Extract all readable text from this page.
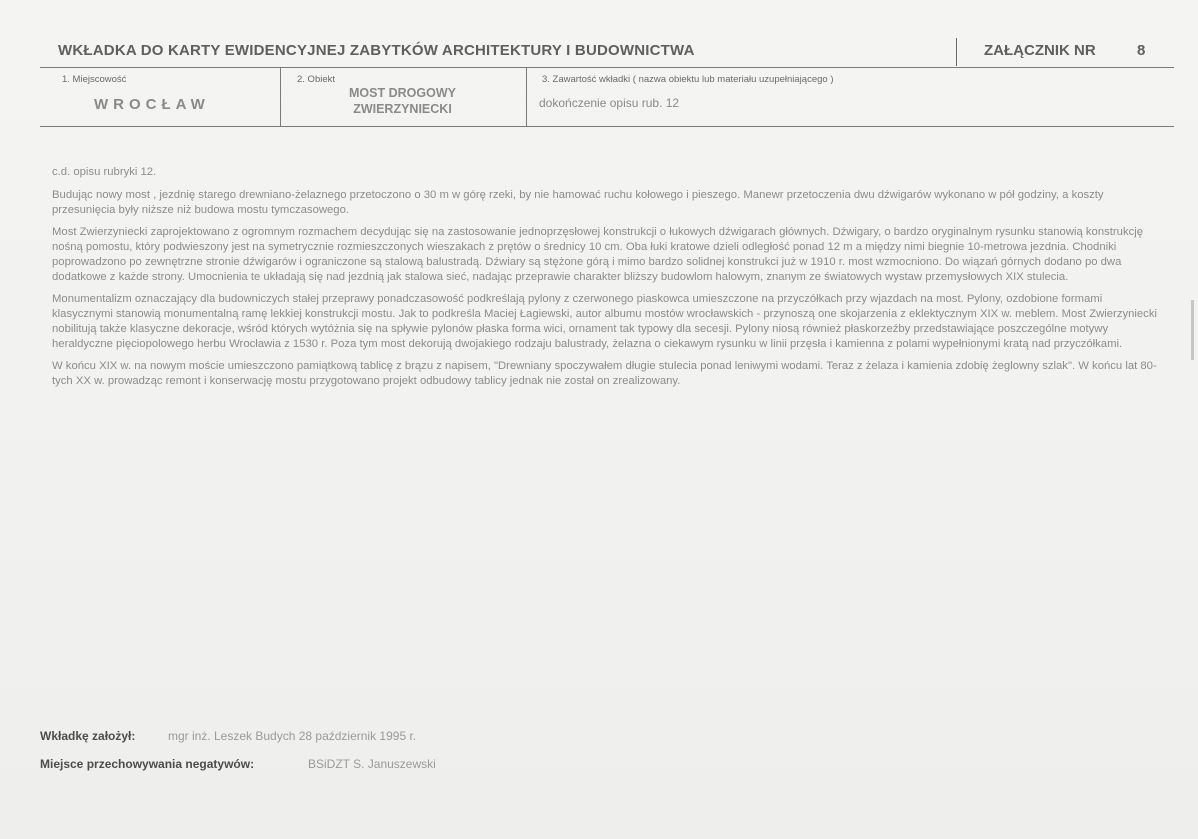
WKŁADKA DO KARTY EWIDENCYJNEJ ZABYTKÓW ARCHITEKTURY I BUDOWNICTWA	ZAŁĄCZNIK NR	8
1. Miejscowość
WROCŁAW
2. Obiekt
MOST DROGOWY
ZWIERZYNIECKI
3. Zawartość wkładki ( nazwa obiektu lub materiału uzupełniającego )
dokończenie opisu rub. 12

c.d. opisu rubryki 12.

Budując nowy most , jezdnię starego drewniano-żelaznego przetoczono o 30 m w górę rzeki, by nie hamować ruchu kołowego i pieszego. Manewr przetoczenia dwu dźwigarów wykonano w pół godziny, a koszty przesunięcia były niższe niż budowa mostu tymczasowego.

Most Zwierzyniecki zaprojektowano z ogromnym rozmachem decydując się na zastosowanie jednoprzęsłowej konstrukcji o łukowych dźwigarach głównych. Dźwigary, o bardzo oryginalnym rysunku stanowią konstrukcję nośną pomostu, który podwieszony jest na symetrycznie rozmieszczonych wieszakach z prętów o średnicy 10 cm. Oba łuki kratowe dzieli odległość ponad 12 m a między nimi biegnie 10-metrowa jezdnia. Chodniki poprowadzono po zewnętrzne stronie dźwigarów i ograniczone są stalową balustradą. Dźwiary są stężone górą i mimo bardzo solidnej konstrukci już w 1910 r. most wzmocniono. Do wiązań górnych dodano po dwa dodatkowe z każde strony. Umocnienia te układają się nad jezdnią jak stalowa sieć, nadając przeprawie charakter bliższy budowlom halowym, znanym ze światowych wystaw przemysłowych XIX stulecia.

Monumentalizm oznaczający dla budowniczych stałej przeprawy ponadczasowość podkreślają pylony z czerwonego piaskowca umieszczone na przyczółkach przy wjazdach na most. Pylony, ozdobione formami klasycznymi stanowią monumentalną ramę lekkiej konstrukcji mostu. Jak to podkreśla Maciej Łagiewski, autor albumu mostów wrocławskich - przynoszą one skojarzenia z eklektycznym XIX w. meblem. Most Zwierzyniecki nobilitują także klasyczne dekoracje, wśród których wytóżnia się na spływie pylonów płaska forma wici, ornament tak typowy dla secesji. Pylony niosą również płaskorzeźby przedstawiające poszczególne motywy heraldyczne pięciopolowego herbu Wrocławia z 1530 r. Poza tym most dekorują dwojakiego rodzaju balustrady, żelazna o ciekawym rysunku w linii przęsła i kamienna z polami wypełnionymi kratą nad przyczółkami.

W końcu XIX w. na nowym moście umieszczono pamiątkową tablicę z brązu z napisem, "Drewniany spoczywałem długie stulecia ponad leniwymi wodami. Teraz z żelaza i kamienia zdobię żeglowny szlak". W końcu lat 80-tych XX w. prowadząc remont i konserwację mostu przygotowano projekt odbudowy tablicy jednak nie został on zrealizowany.

Wkładkę założył:	mgr inż. Leszek Budych 28 październik 1995 r.
Miejsce przechowywania negatywów:	BSiDZT S. Januszewski
